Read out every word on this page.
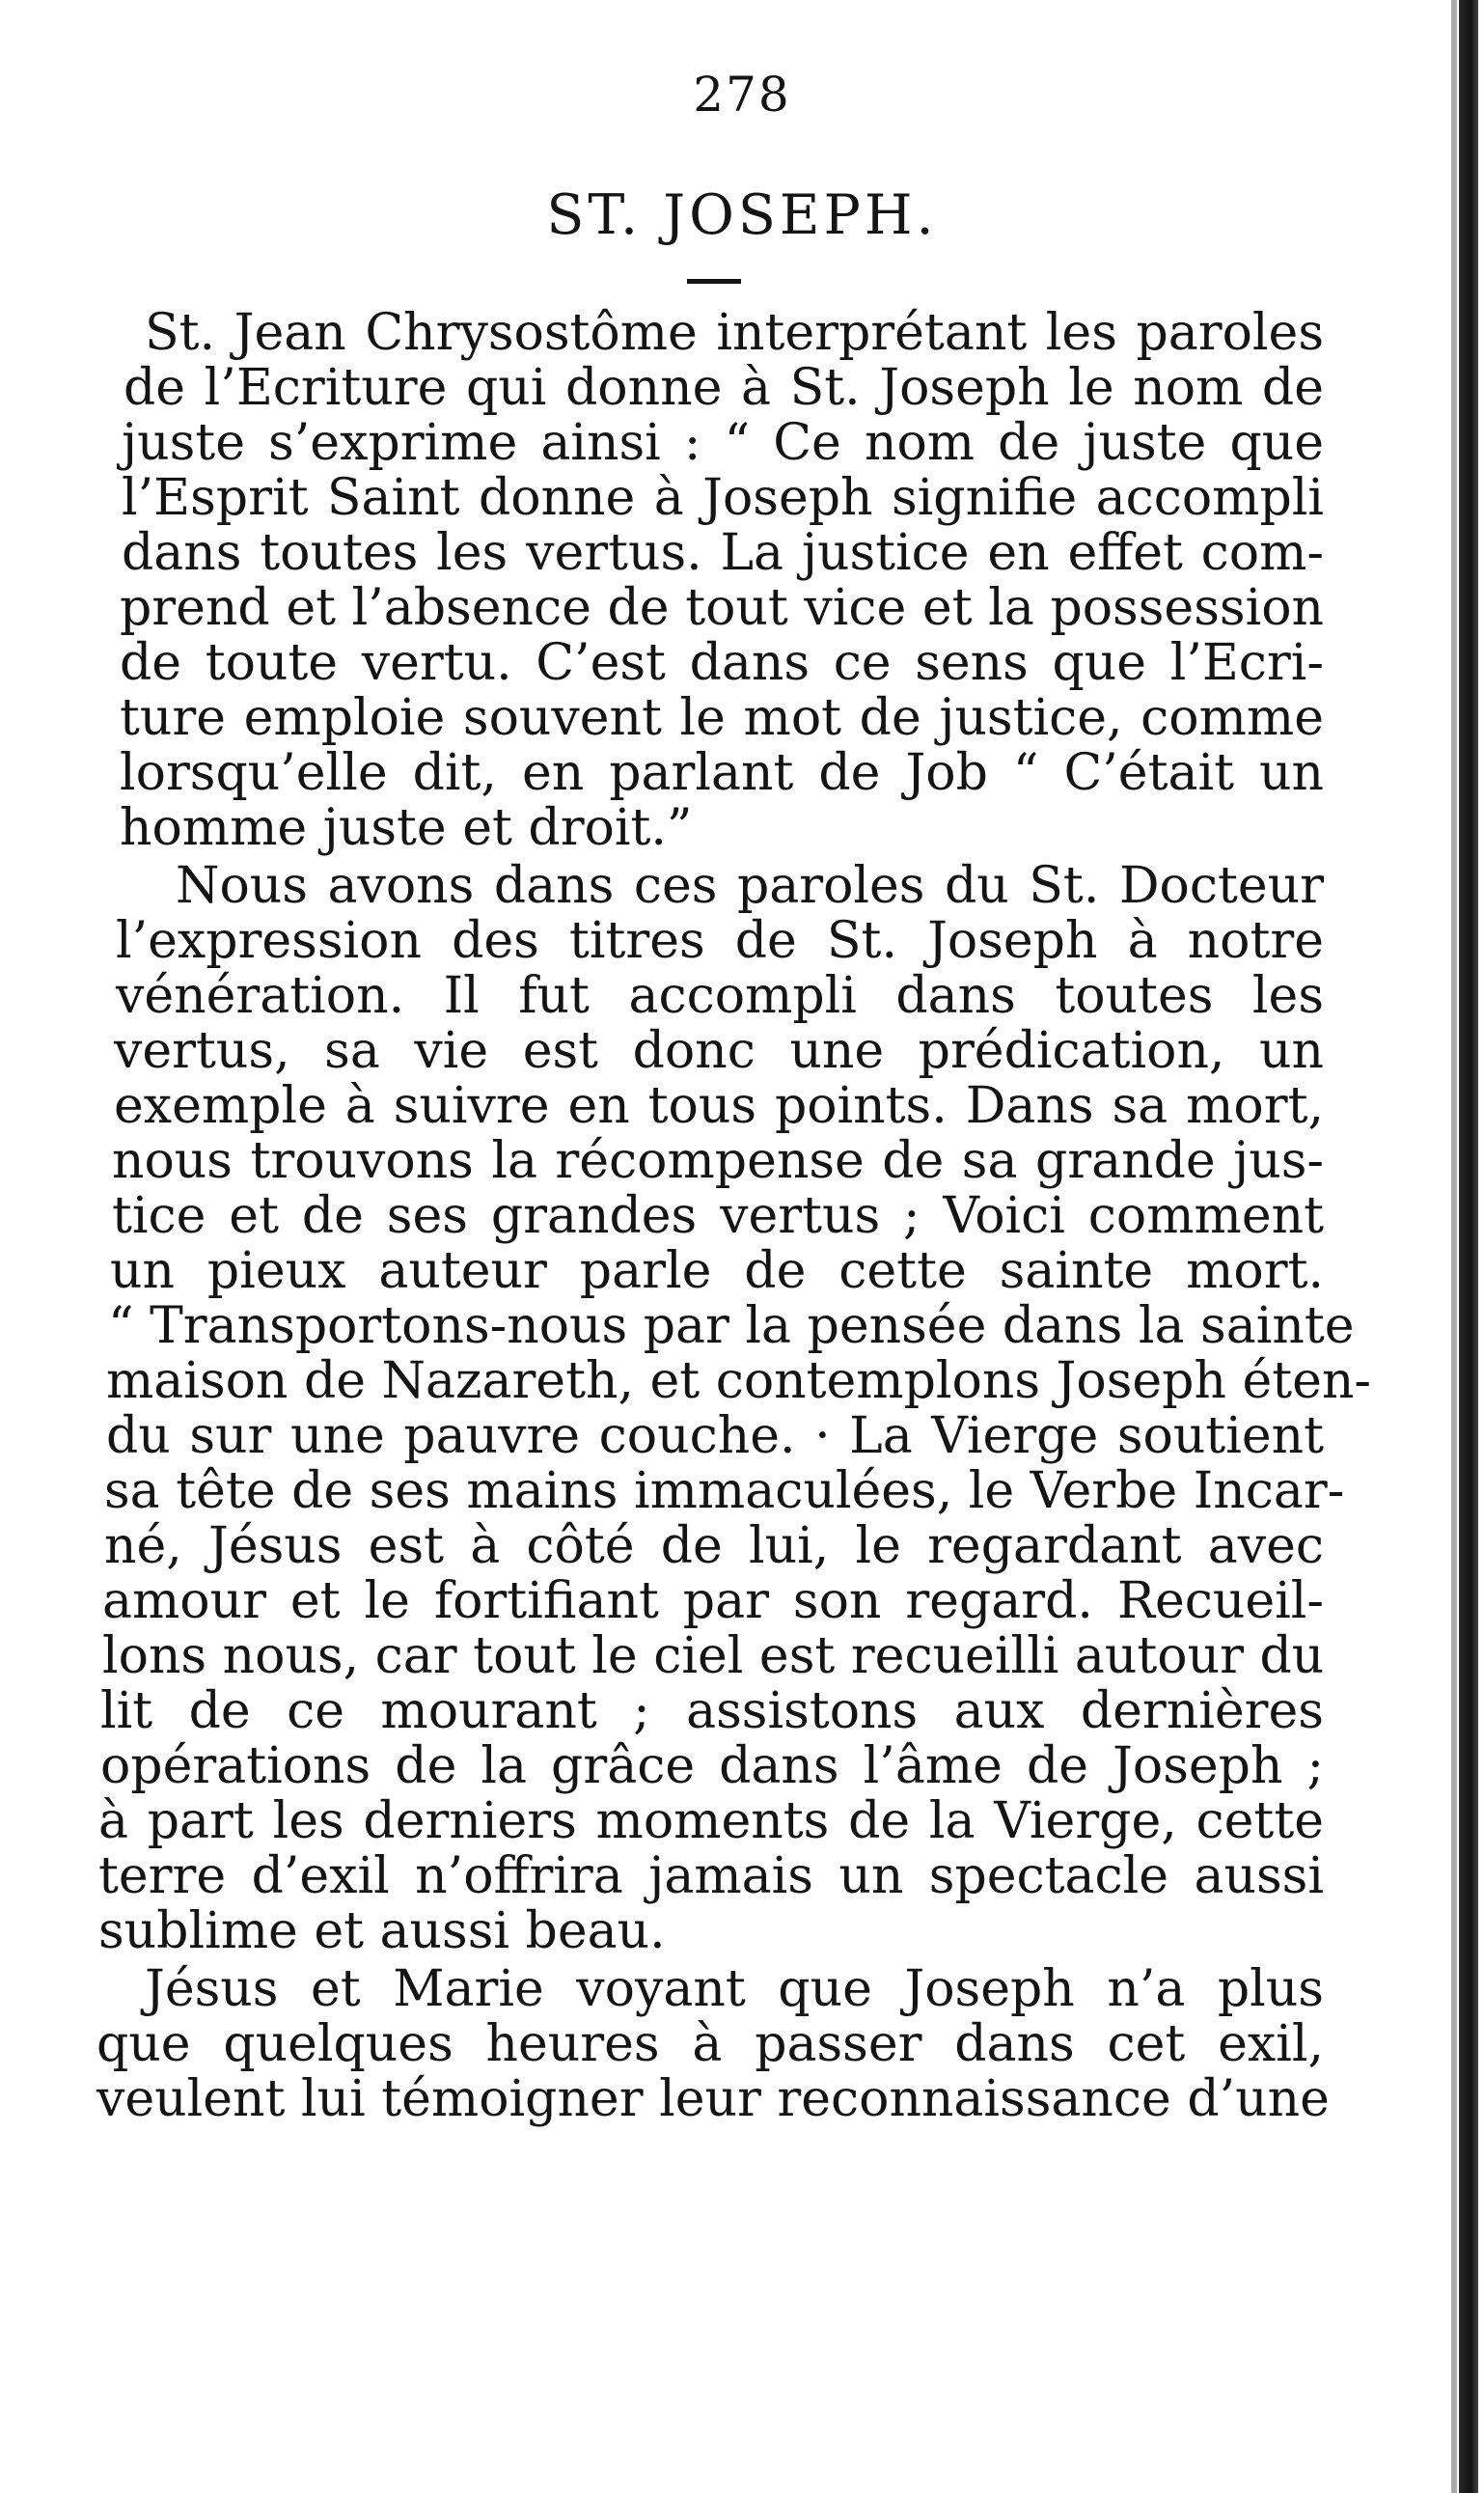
278
ST. JOSEPH.
St. Jean Chrysostôme interprétant les paroles
de l’Ecriture qui donne à St. Joseph le nom de
juste s’exprime ainsi : “ Ce nom de juste que
l’Esprit Saint donne à Joseph signifie accompli
dans toutes les vertus. La justice en effet com-
prend et l’absence de tout vice et la possession
de toute vertu. C’est dans ce sens que l’Ecri-
ture emploie souvent le mot de justice, comme
lorsqu’elle dit, en parlant de Job “ C’était un
homme juste et droit.”
Nous avons dans ces paroles du St. Docteur
l’expression des titres de St. Joseph à notre
vénération. Il fut accompli dans toutes les
vertus, sa vie est donc une prédication, un
exemple à suivre en tous points. Dans sa mort,
nous trouvons la récompense de sa grande jus-
tice et de ses grandes vertus ; Voici comment
un pieux auteur parle de cette sainte mort.
“ Transportons-nous par la pensée dans la sainte
maison de Nazareth, et contemplons Joseph éten-
du sur une pauvre couche. · La Vierge soutient
sa tête de ses mains immaculées, le Verbe Incar-
né, Jésus est à côté de lui, le regardant avec
amour et le fortifiant par son regard. Recueil-
lons nous, car tout le ciel est recueilli autour du
lit de ce mourant ; assistons aux dernières
opérations de la grâce dans l’âme de Joseph ;
à part les derniers moments de la Vierge, cette
terre d’exil n’offrira jamais un spectacle aussi
sublime et aussi beau.
Jésus et Marie voyant que Joseph n’a plus
que quelques heures à passer dans cet exil,
veulent lui témoigner leur reconnaissance d’une
